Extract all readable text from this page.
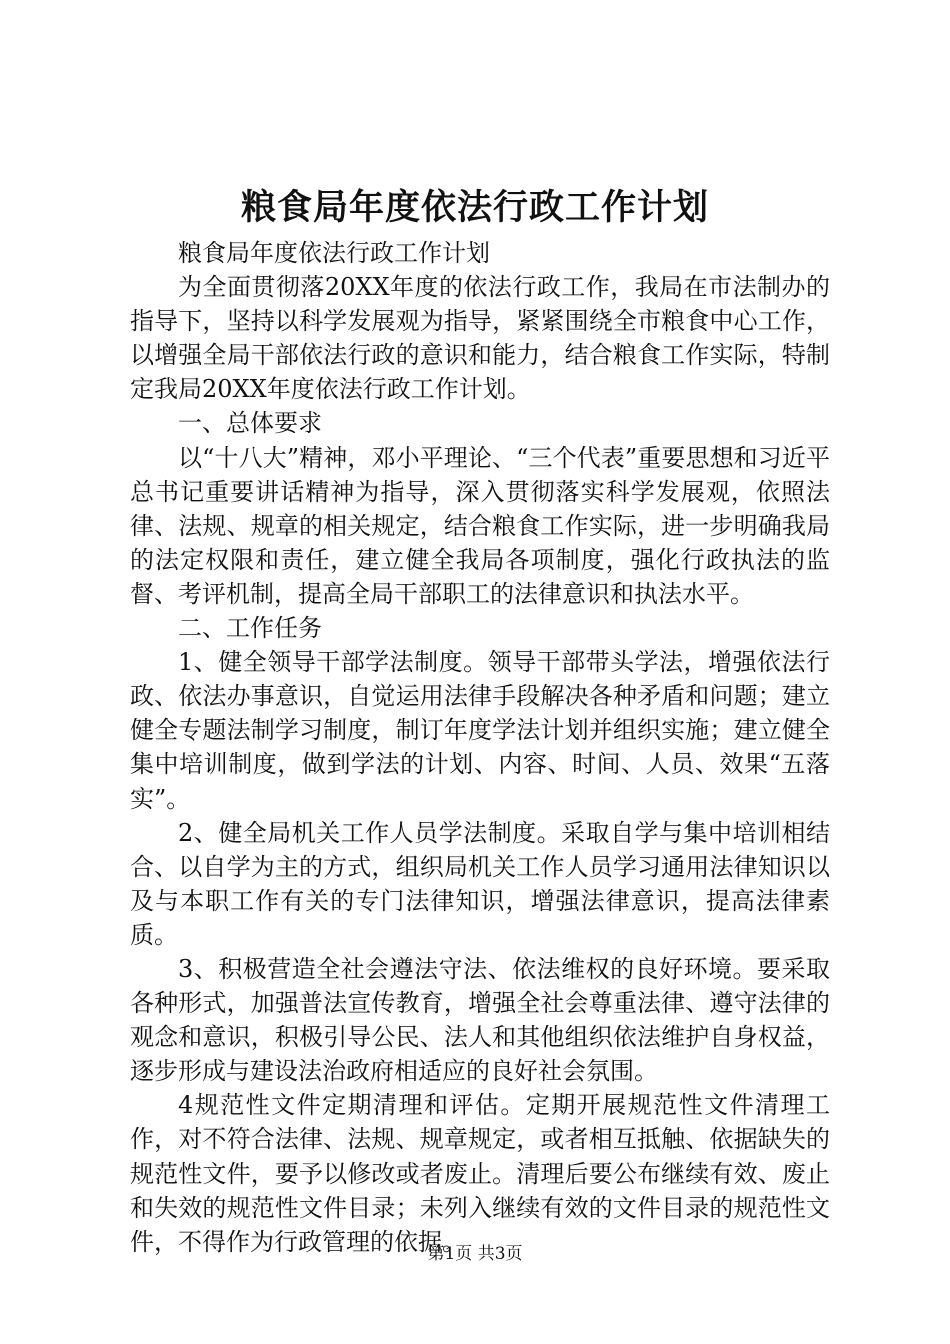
粮食局年度依法行政工作计划

粮食局年度依法行政工作计划

为全面贯彻落20XX年度的依法行政工作，我局在市法制办的指导下，坚持以科学发展观为指导，紧紧围绕全市粮食中心工作，以增强全局干部依法行政的意识和能力，结合粮食工作实际，特制定我局20XX年度依法行政工作计划。

一、总体要求

以“十八大”精神，邓小平理论、“三个代表”重要思想和习近平总书记重要讲话精神为指导，深入贯彻落实科学发展观，依照法律、法规、规章的相关规定，结合粮食工作实际，进一步明确我局的法定权限和责任，建立健全我局各项制度，强化行政执法的监督、考评机制，提高全局干部职工的法律意识和执法水平。

二、工作任务

1、健全领导干部学法制度。领导干部带头学法，增强依法行政、依法办事意识，自觉运用法律手段解决各种矛盾和问题；建立健全专题法制学习制度，制订年度学法计划并组织实施；建立健全集中培训制度，做到学法的计划、内容、时间、人员、效果“五落实”。

2、健全局机关工作人员学法制度。采取自学与集中培训相结合、以自学为主的方式，组织局机关工作人员学习通用法律知识以及与本职工作有关的专门法律知识，增强法律意识，提高法律素质。

3、积极营造全社会遵法守法、依法维权的良好环境。要采取各种形式，加强普法宣传教育，增强全社会尊重法律、遵守法律的观念和意识，积极引导公民、法人和其他组织依法维护自身权益，逐步形成与建设法治政府相适应的良好社会氛围。

4规范性文件定期清理和评估。定期开展规范性文件清理工作，对不符合法律、法规、规章规定，或者相互抵触、依据缺失的规范性文件，要予以修改或者废止。清理后要公布继续有效、废止和失效的规范性文件目录；未列入继续有效的文件目录的规范性文件，不得作为行政管理的依据。

第1页 共3页
